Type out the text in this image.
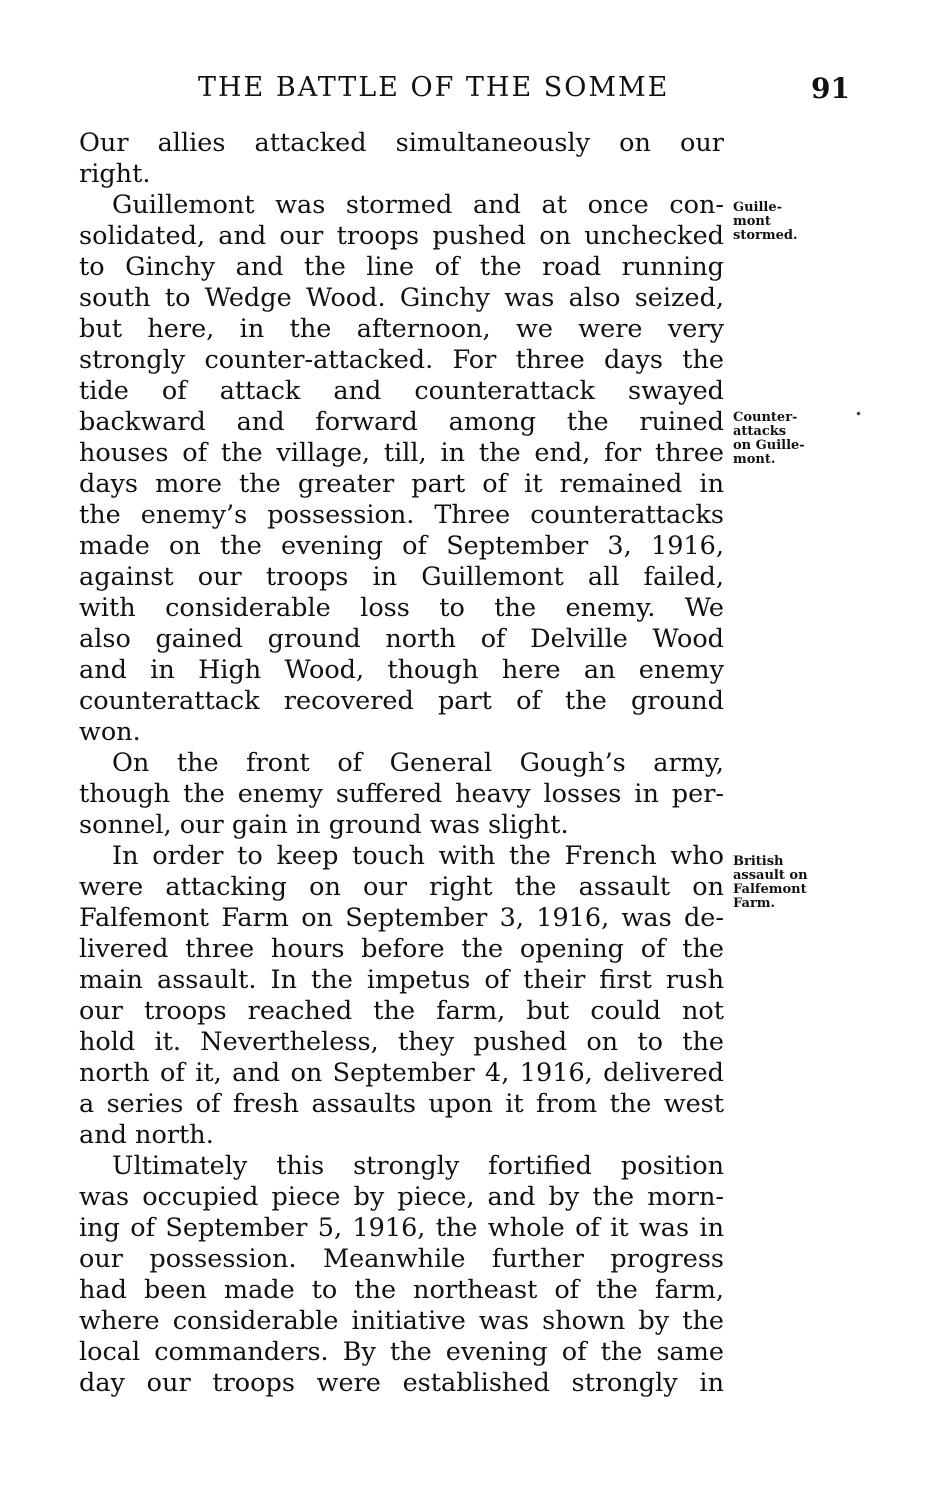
THE BATTLE OF THE SOMME	91
Our allies attacked simultaneously on our
right.
Guillemont was stormed and at once con-
solidated, and our troops pushed on unchecked
to Ginchy and the line of the road running
south to Wedge Wood. Ginchy was also seized,
but here, in the afternoon, we were very
strongly counter-attacked. For three days the
tide of attack and counterattack swayed
backward and forward among the ruined
houses of the village, till, in the end, for three
days more the greater part of it remained in
the enemy’s possession. Three counterattacks
made on the evening of September 3, 1916,
against our troops in Guillemont all failed,
with considerable loss to the enemy. We
also gained ground north of Delville Wood
and in High Wood, though here an enemy
counterattack recovered part of the ground
won.
On the front of General Gough’s army,
though the enemy suffered heavy losses in per-
sonnel, our gain in ground was slight.
In order to keep touch with the French who
were attacking on our right the assault on
Falfemont Farm on September 3, 1916, was de-
livered three hours before the opening of the
main assault. In the impetus of their first rush
our troops reached the farm, but could not
hold it. Nevertheless, they pushed on to the
north of it, and on September 4, 1916, delivered
a series of fresh assaults upon it from the west
and north.
Ultimately this strongly fortified position
was occupied piece by piece, and by the morn-
ing of September 5, 1916, the whole of it was in
our possession. Meanwhile further progress
had been made to the northeast of the farm,
where considerable initiative was shown by the
local commanders. By the evening of the same
day our troops were established strongly in
Guille-
mont
stormed.
Counter-
attacks
on Guille-
mont.
British
assault on
Falfemont
Farm.
